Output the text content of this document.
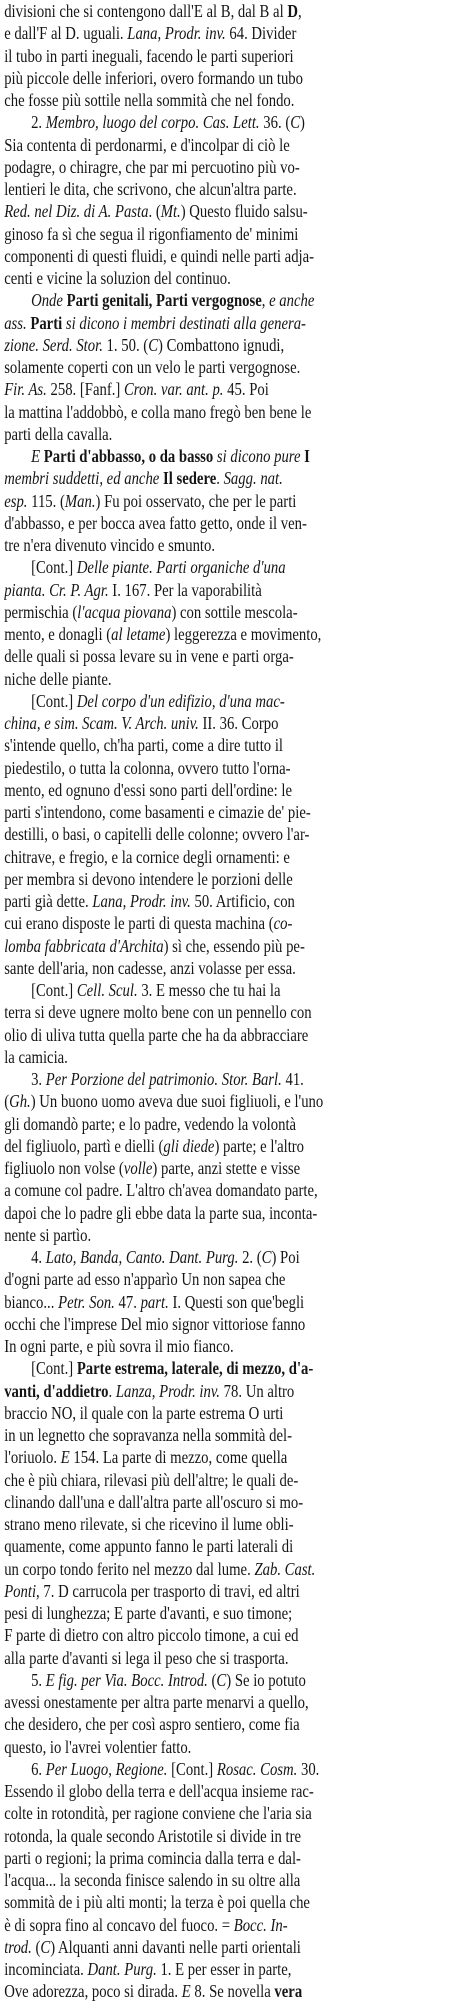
divisioni che si contengono dall'E al B, dal B al D,
e dall'F al D. uguali. Lana, Prodr. inv. 64. Divider
il tubo in parti ineguali, facendo le parti superiori
più piccole delle inferiori, overo formando un tubo
che fosse più sottile nella sommità che nel fondo.
2. Membro, luogo del corpo. Cas. Lett. 36. (C)
Sia contenta di perdonarmi, e d'incolpar di ciò le
podagre, o chiragre, che par mi percuotino più vo-
lentieri le dita, che scrivono, che alcun'altra parte.
Red. nel Diz. di A. Pasta. (Mt.) Questo fluido salsu-
ginoso fa sì che segua il rigonfiamento de' minimi
componenti di questi fluidi, e quindi nelle parti adja-
centi e vicine la soluzion del continuo.
Onde Parti genitali, Parti vergognose, e anche
ass. Parti si dicono i membri destinati alla genera-
zione. Serd. Stor. 1. 50. (C) Combattono ignudi,
solamente coperti con un velo le parti vergognose.
Fir. As. 258. [Fanf.] Cron. var. ant. p. 45. Poi
la mattina l'addobbò, e colla mano fregò ben bene le
parti della cavalla.
E Parti d'abbasso, o da basso si dicono pure I
membri suddetti, ed anche Il sedere. Sagg. nat.
esp. 115. (Man.) Fu poi osservato, che per le parti
d'abbasso, e per bocca avea fatto getto, onde il ven-
tre n'era divenuto vincido e smunto.
[Cont.] Delle piante. Parti organiche d'una
pianta. Cr. P. Agr. I. 167. Per la vaporabilità
permischia (l'acqua piovana) con sottile mescola-
mento, e donagli (al letame) leggerezza e movimento,
delle quali si possa levare su in vene e parti orga-
niche delle piante.
[Cont.] Del corpo d'un edifizio, d'una mac-
china, e sim. Scam. V. Arch. univ. II. 36. Corpo
s'intende quello, ch'ha parti, come a dire tutto il
piedestilo, o tutta la colonna, ovvero tutto l'orna-
mento, ed ognuno d'essi sono parti dell'ordine: le
parti s'intendono, come basamenti e cimazie de' pie-
destilli, o basi, o capitelli delle colonne; ovvero l'ar-
chitrave, e fregio, e la cornice degli ornamenti: e
per membra si devono intendere le porzioni delle
parti già dette. Lana, Prodr. inv. 50. Artificio, con
cui erano disposte le parti di questa machina (co-
lomba fabbricata d'Archita) sì che, essendo più pe-
sante dell'aria, non cadesse, anzi volasse per essa.
[Cont.] Cell. Scul. 3. E messo che tu hai la
terra si deve ugnere molto bene con un pennello con
olio di uliva tutta quella parte che ha da abbracciare
la camicia.
3. Per Porzione del patrimonio. Stor. Barl. 41.
(Gh.) Un buono uomo aveva due suoi figliuoli, e l'uno
gli domandò parte; e lo padre, vedendo la volontà
del figliuolo, partì e dielli (gli diede) parte; e l'altro
figliuolo non volse (volle) parte, anzi stette e visse
a comune col padre. L'altro ch'avea domandato parte,
dapoi che lo padre gli ebbe data la parte sua, inconta-
nente si partìo.
4. Lato, Banda, Canto. Dant. Purg. 2. (C) Poi
d'ogni parte ad esso n'apparìo Un non sapea che
bianco... Petr. Son. 47. part. I. Questi son que'begli
occhi che l'imprese Del mio signor vittoriose fanno
In ogni parte, e più sovra il mio fianco.
[Cont.] Parte estrema, laterale, di mezzo, d'a-
vanti, d'addietro. Lanza, Prodr. inv. 78. Un altro
braccio NO, il quale con la parte estrema O urti
in un legnetto che sopravanza nella sommità del-
l'oriuolo. E 154. La parte di mezzo, come quella
che è più chiara, rilevasi più dell'altre; le quali de-
clinando dall'una e dall'altra parte all'oscuro si mo-
strano meno rilevate, si che ricevino il lume obli-
quamente, come appunto fanno le parti laterali di
un corpo tondo ferito nel mezzo dal lume. Zab. Cast.
Ponti, 7. D carrucola per trasporto di travi, ed altri
pesi di lunghezza; E parte d'avanti, e suo timone;
F parte di dietro con altro piccolo timone, a cui ed
alla parte d'avanti si lega il peso che si trasporta.
5. E fig. per Via. Bocc. Introd. (C) Se io potuto
avessi onestamente per altra parte menarvi a quello,
che desidero, che per così aspro sentiero, come fia
questo, io l'avrei volentier fatto.
6. Per Luogo, Regione. [Cont.] Rosac. Cosm. 30.
Essendo il globo della terra e dell'acqua insieme rac-
colte in rotondità, per ragione conviene che l'aria sia
rotonda, la quale secondo Aristotile si divide in tre
parti o regioni; la prima comincia dalla terra e dal-
l'acqua... la seconda finisce salendo in su oltre alla
sommità de i più alti monti; la terza è poi quella che
è di sopra fino al concavo del fuoco. = Bocc. In-
trod. (C) Alquanti anni davanti nelle parti orientali
incominciata. Dant. Purg. 1. E per esser in parte,
Ove adorezza, poco si dirada. E 8. Se novella vera
